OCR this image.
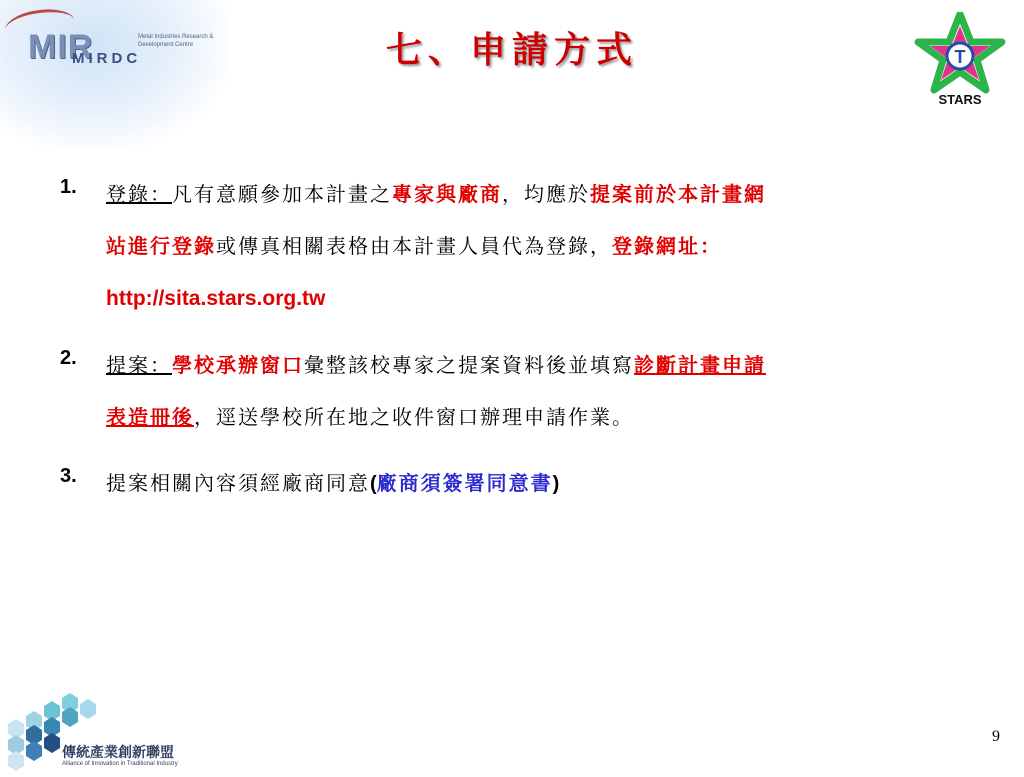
MIR
MIRDC
Metal Industries Research & Development Centre	七、申請方式	T
STARS
1. 登錄：凡有意願參加本計畫之專家與廠商，均應於提案前於本計畫網
站進行登錄或傳真相關表格由本計畫人員代為登錄，登錄網址：
http://sita.stars.org.tw
2. 提案：學校承辦窗口彙整該校專家之提案資料後並填寫診斷計畫申請
表造冊後，逕送學校所在地之收件窗口辦理申請作業。
3. 提案相關內容須經廠商同意(廠商須簽署同意書)
傳統產業創新聯盟
Alliance of Innovation in Traditional Industry
9
